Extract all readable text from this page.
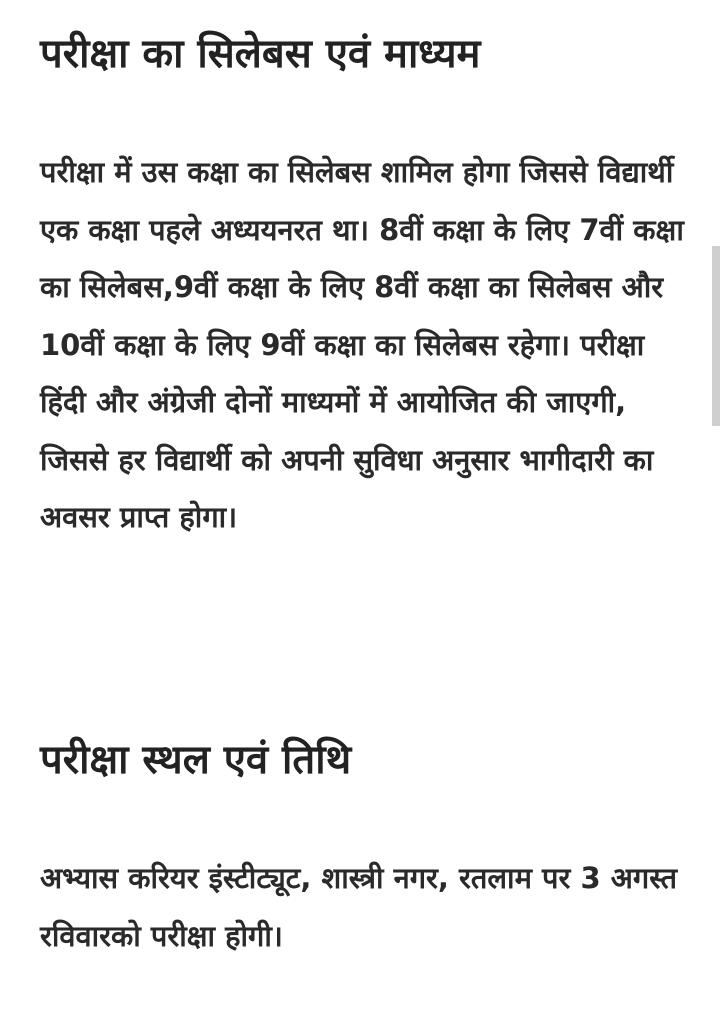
परीक्षा का सिलेबस एवं माध्यम

परीक्षा में उस कक्षा का सिलेबस शामिल होगा जिससे विद्यार्थी एक कक्षा पहले अध्ययनरत था। 8वीं कक्षा के लिए 7वीं कक्षा का सिलेबस,9वीं कक्षा के लिए 8वीं कक्षा का सिलेबस और 10वीं कक्षा के लिए 9वीं कक्षा का सिलेबस रहेगा। परीक्षा हिंदी और अंग्रेजी दोनों माध्यमों में आयोजित की जाएगी, जिससे हर विद्यार्थी को अपनी सुविधा अनुसार भागीदारी का अवसर प्राप्त होगा।

परीक्षा स्थल एवं तिथि

अभ्यास करियर इंस्टीट्यूट, शास्त्री नगर, रतलाम पर 3 अगस्त रविवारको परीक्षा होगी।
